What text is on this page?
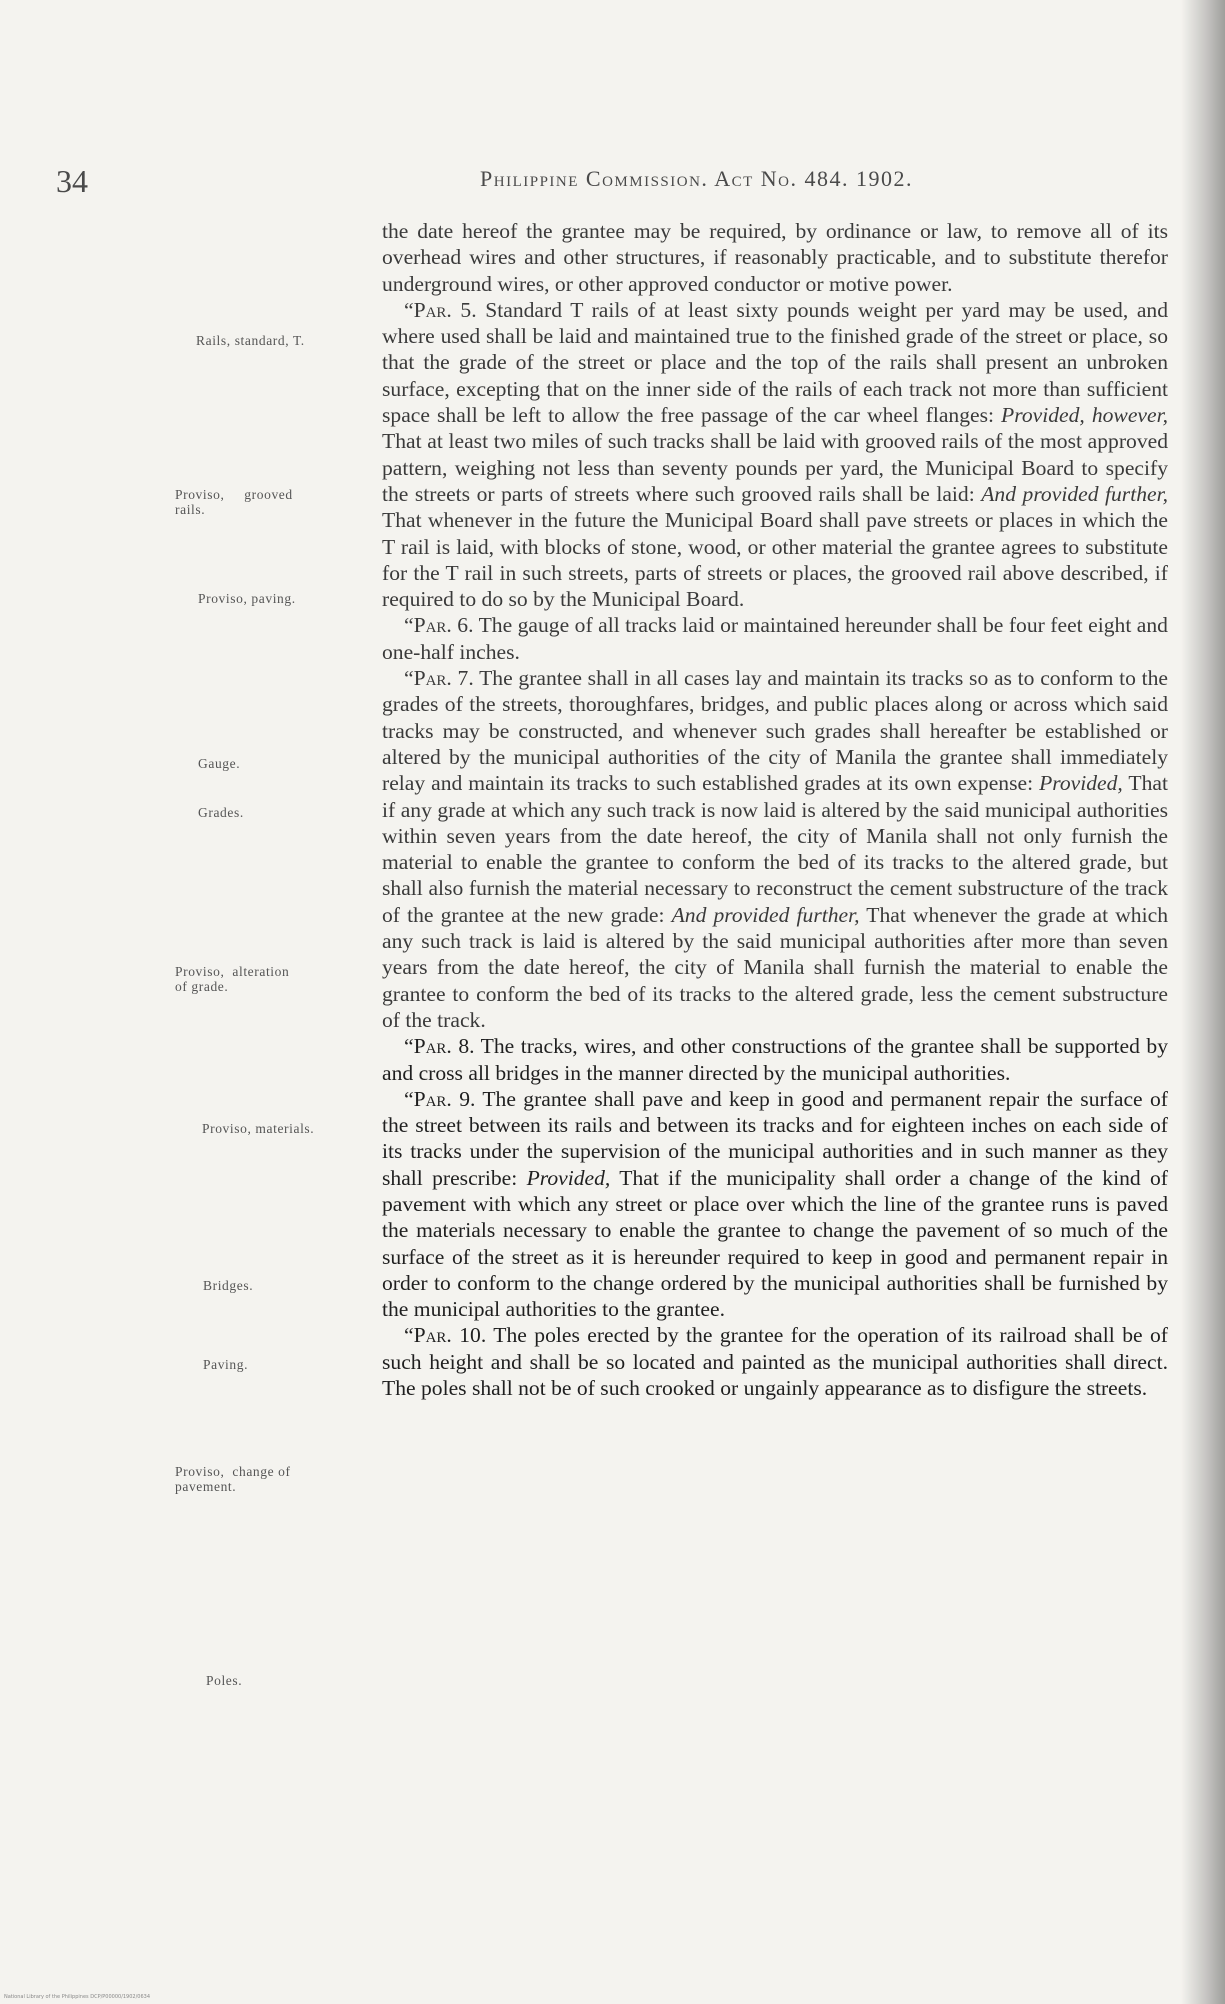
34	Philippine Commission. Act No. 484. 1902.
Rails, standard, T.
Proviso,     grooved
rails.
Proviso, paving.
Gauge.
Grades.
Proviso,  alteration
of grade.
Proviso, materials.
Bridges.
Paving.
Proviso,  change of
pavement.
Poles.

the date hereof the grantee may be required, by ordinance or law, to remove all of its overhead wires and other structures, if reasonably practicable, and to substitute therefor underground wires, or other approved conductor or motive power.

“Par. 5. Standard T rails of at least sixty pounds weight per yard may be used, and where used shall be laid and maintained true to the finished grade of the street or place, so that the grade of the street or place and the top of the rails shall present an unbroken surface, excepting that on the inner side of the rails of each track not more than sufficient space shall be left to allow the free passage of the car wheel flanges: Provided, however, That at least two miles of such tracks shall be laid with grooved rails of the most approved pattern, weighing not less than seventy pounds per yard, the Municipal Board to specify the streets or parts of streets where such grooved rails shall be laid: And provided further, That whenever in the future the Municipal Board shall pave streets or places in which the T rail is laid, with blocks of stone, wood, or other material the grantee agrees to substitute for the T rail in such streets, parts of streets or places, the grooved rail above described, if required to do so by the Municipal Board.

“Par. 6. The gauge of all tracks laid or maintained hereunder shall be four feet eight and one-half inches.

“Par. 7. The grantee shall in all cases lay and maintain its tracks so as to conform to the grades of the streets, thoroughfares, bridges, and public places along or across which said tracks may be constructed, and whenever such grades shall hereafter be established or altered by the municipal authorities of the city of Manila the grantee shall immediately relay and maintain its tracks to such established grades at its own expense: Provided, That if any grade at which any such track is now laid is altered by the said municipal authorities within seven years from the date hereof, the city of Manila shall not only furnish the material to enable the grantee to conform the bed of its tracks to the altered grade, but shall also furnish the material necessary to reconstruct the cement substructure of the track of the grantee at the new grade: And provided further, That whenever the grade at which any such track is laid is altered by the said municipal authorities after more than seven years from the date hereof, the city of Manila shall furnish the material to enable the grantee to conform the bed of its tracks to the altered grade, less the cement substructure of the track.

“Par. 8. The tracks, wires, and other constructions of the grantee shall be supported by and cross all bridges in the manner directed by the municipal authorities.

“Par. 9. The grantee shall pave and keep in good and permanent repair the surface of the street between its rails and between its tracks and for eighteen inches on each side of its tracks under the supervision of the municipal authorities and in such manner as they shall prescribe: Provided, That if the municipality shall order a change of the kind of pavement with which any street or place over which the line of the grantee runs is paved the materials necessary to enable the grantee to change the pavement of so much of the surface of the street as it is hereunder required to keep in good and permanent repair in order to conform to the change ordered by the municipal authorities shall be furnished by the municipal authorities to the grantee.

“Par. 10. The poles erected by the grantee for the operation of its railroad shall be of such height and shall be so located and painted as the municipal authorities shall direct. The poles shall not be of such crooked or ungainly appearance as to disfigure the streets.

National Library of the Philippines DCP/P00000/1902/0634
